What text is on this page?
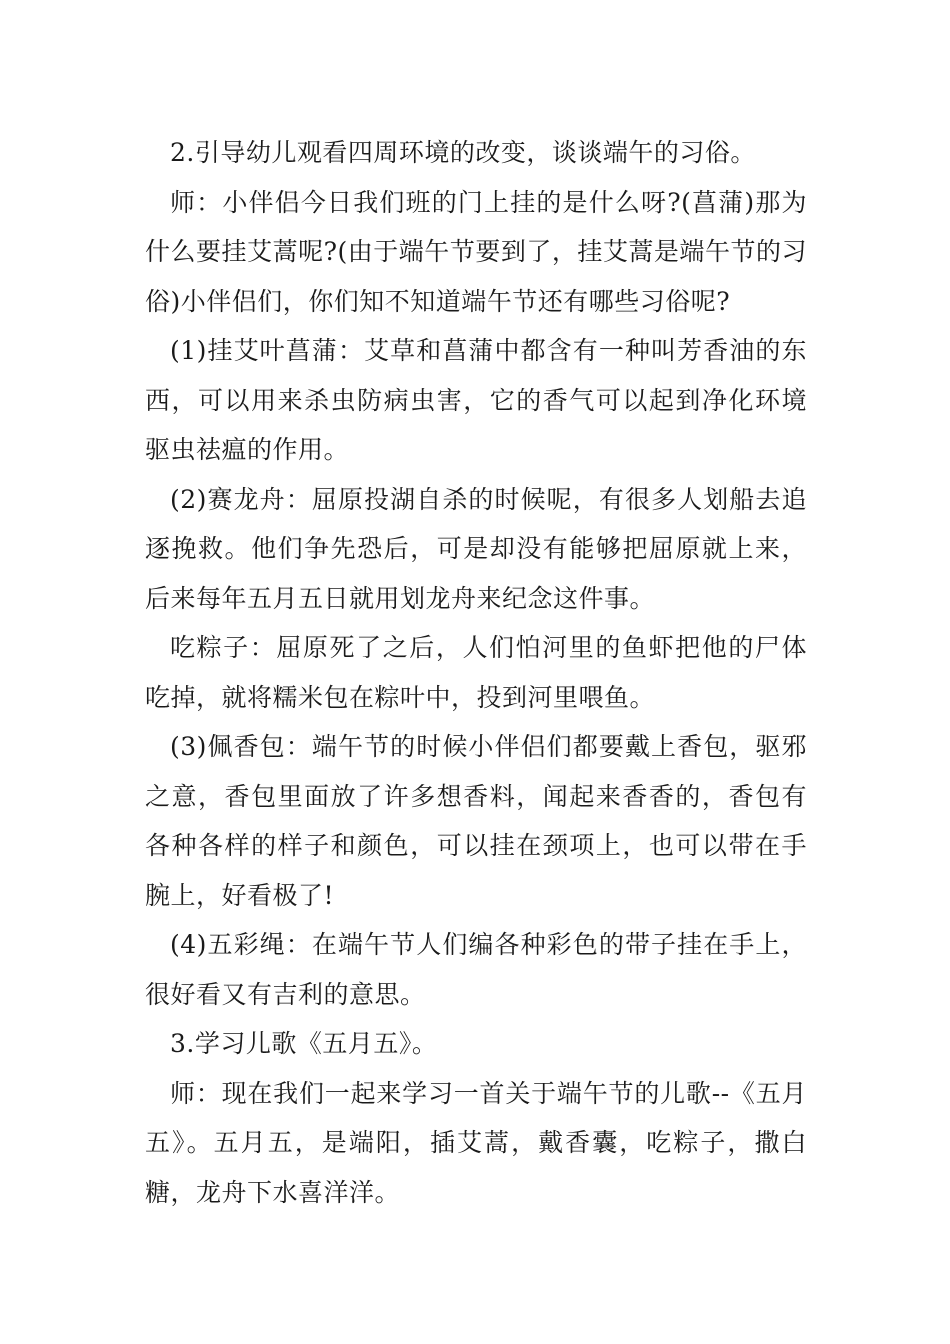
2.引导幼儿观看四周环境的改变，谈谈端午的习俗。

师：小伴侣今日我们班的门上挂的是什么呀?(菖蒲)那为什么要挂艾蒿呢?(由于端午节要到了，挂艾蒿是端午节的习俗)小伴侣们，你们知不知道端午节还有哪些习俗呢?

(1)挂艾叶菖蒲：艾草和菖蒲中都含有一种叫芳香油的东西，可以用来杀虫防病虫害，它的香气可以起到净化环境驱虫祛瘟的作用。

(2)赛龙舟：屈原投湖自杀的时候呢，有很多人划船去追逐挽救。他们争先恐后，可是却没有能够把屈原就上来，后来每年五月五日就用划龙舟来纪念这件事。

吃粽子：屈原死了之后，人们怕河里的鱼虾把他的尸体吃掉，就将糯米包在粽叶中，投到河里喂鱼。

(3)佩香包：端午节的时候小伴侣们都要戴上香包，驱邪之意，香包里面放了许多想香料，闻起来香香的，香包有各种各样的样子和颜色，可以挂在颈项上，也可以带在手腕上，好看极了!

(4)五彩绳：在端午节人们编各种彩色的带子挂在手上，很好看又有吉利的意思。

3.学习儿歌《五月五》。

师：现在我们一起来学习一首关于端午节的儿歌--《五月五》。五月五，是端阳，插艾蒿，戴香囊，吃粽子，撒白糖，龙舟下水喜洋洋。
